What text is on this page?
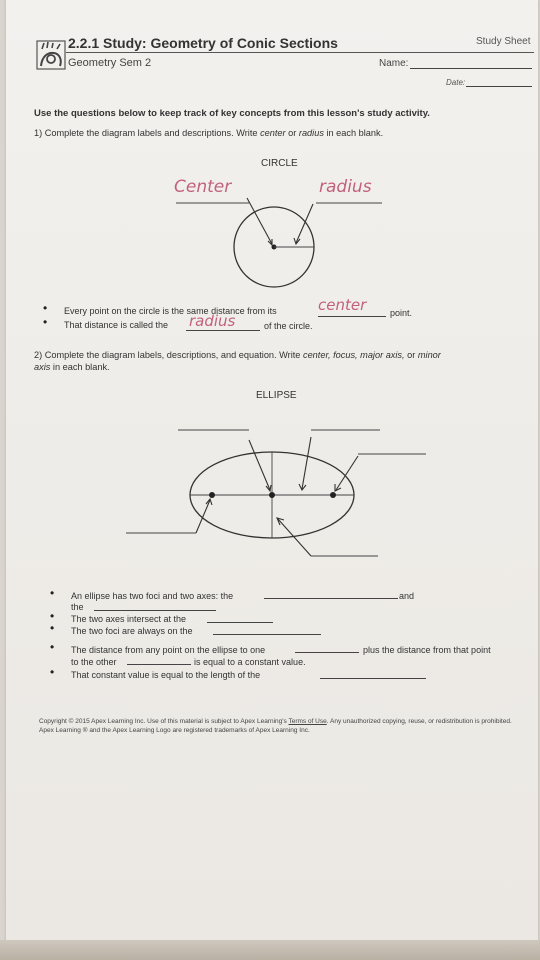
2.2.1 Study: Geometry of Conic Sections	Study Sheet
Geometry Sem 2	Name:
Date:
Use the questions below to keep track of key concepts from this lesson's study activity.
1) Complete the diagram labels and descriptions. Write center or radius in each blank.
CIRCLE
Center	radius
• Every point on the circle is the same distance from its	center	point.
• That distance is called the radius	of the circle.
2) Complete the diagram labels, descriptions, and equation. Write center, focus, major axis, or minor
axis in each blank.
ELLIPSE
• An ellipse has two foci and two axes: the	and
the
• The two axes intersect at the
• The two foci are always on the
• The distance from any point on the ellipse to one	plus the distance from that point
to the other	is equal to a constant value.
• That constant value is equal to the length of the
Copyright © 2015 Apex Learning Inc. Use of this material is subject to Apex Learning's Terms of Use. Any unauthorized copying, reuse, or redistribution is prohibited. Apex Learning ® and the Apex Learning Logo are registered trademarks of Apex Learning Inc.
